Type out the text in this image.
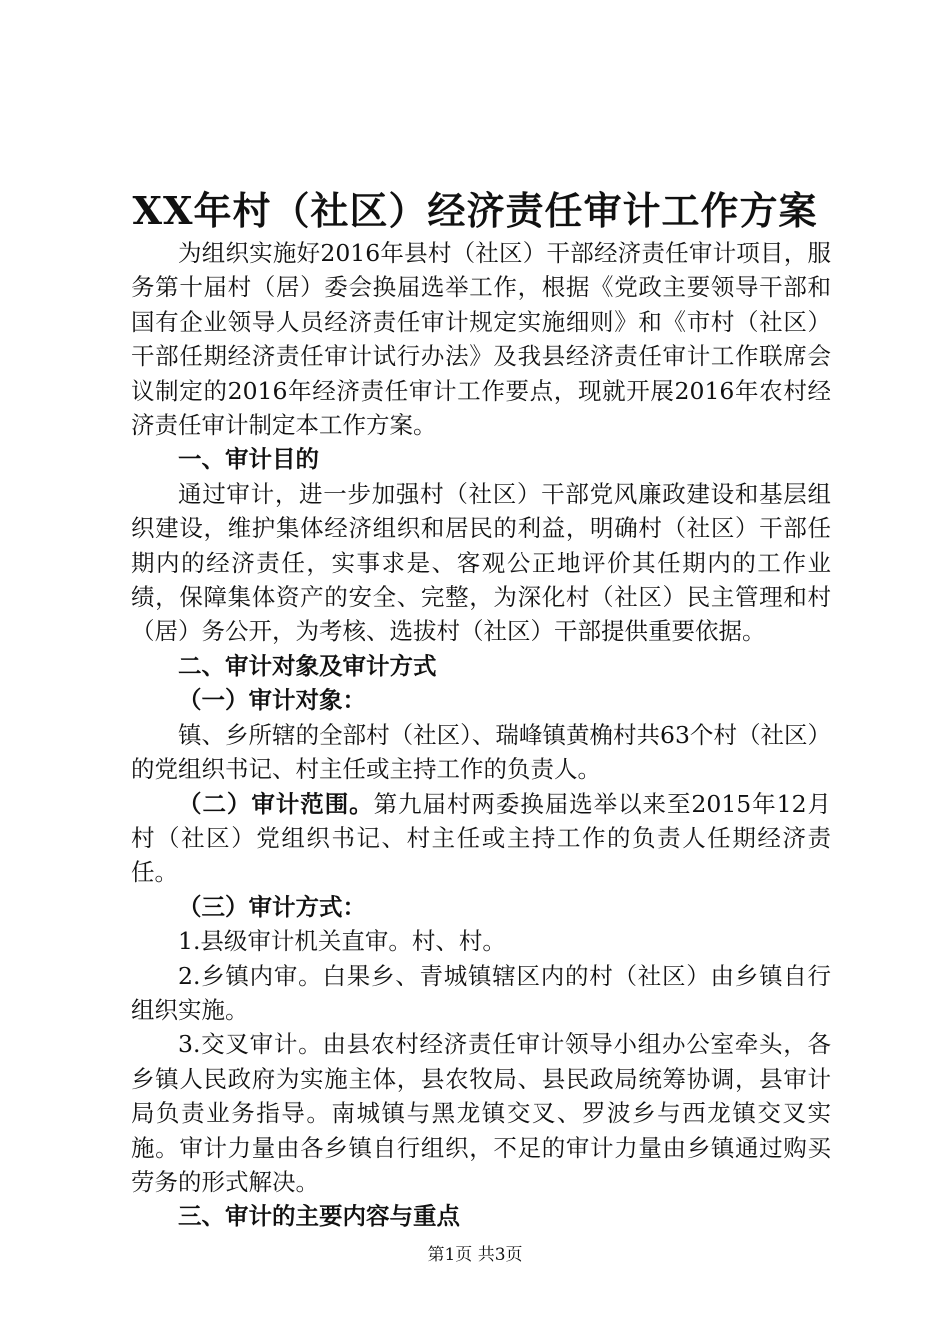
XX年村（社区）经济责任审计工作方案

为组织实施好2016年县村（社区）干部经济责任审计项目，服务第十届村（居）委会换届选举工作，根据《党政主要领导干部和国有企业领导人员经济责任审计规定实施细则》和《市村（社区）干部任期经济责任审计试行办法》及我县经济责任审计工作联席会议制定的2016年经济责任审计工作要点，现就开展2016年农村经济责任审计制定本工作方案。

一、审计目的

通过审计，进一步加强村（社区）干部党风廉政建设和基层组织建设，维护集体经济组织和居民的利益，明确村（社区）干部任期内的经济责任，实事求是、客观公正地评价其任期内的工作业绩，保障集体资产的安全、完整，为深化村（社区）民主管理和村（居）务公开，为考核、选拔村（社区）干部提供重要依据。

二、审计对象及审计方式

（一）审计对象：

镇、乡所辖的全部村（社区）、瑞峰镇黄桷村共63个村（社区）的党组织书记、村主任或主持工作的负责人。

（二）审计范围。第九届村两委换届选举以来至2015年12月村（社区）党组织书记、村主任或主持工作的负责人任期经济责任。

（三）审计方式：

1.县级审计机关直审。村、村。

2.乡镇内审。白果乡、青城镇辖区内的村（社区）由乡镇自行组织实施。

3.交叉审计。由县农村经济责任审计领导小组办公室牵头，各乡镇人民政府为实施主体，县农牧局、县民政局统筹协调，县审计局负责业务指导。南城镇与黑龙镇交叉、罗波乡与西龙镇交叉实施。审计力量由各乡镇自行组织，不足的审计力量由乡镇通过购买劳务的形式解决。

三、审计的主要内容与重点

第1页 共3页
